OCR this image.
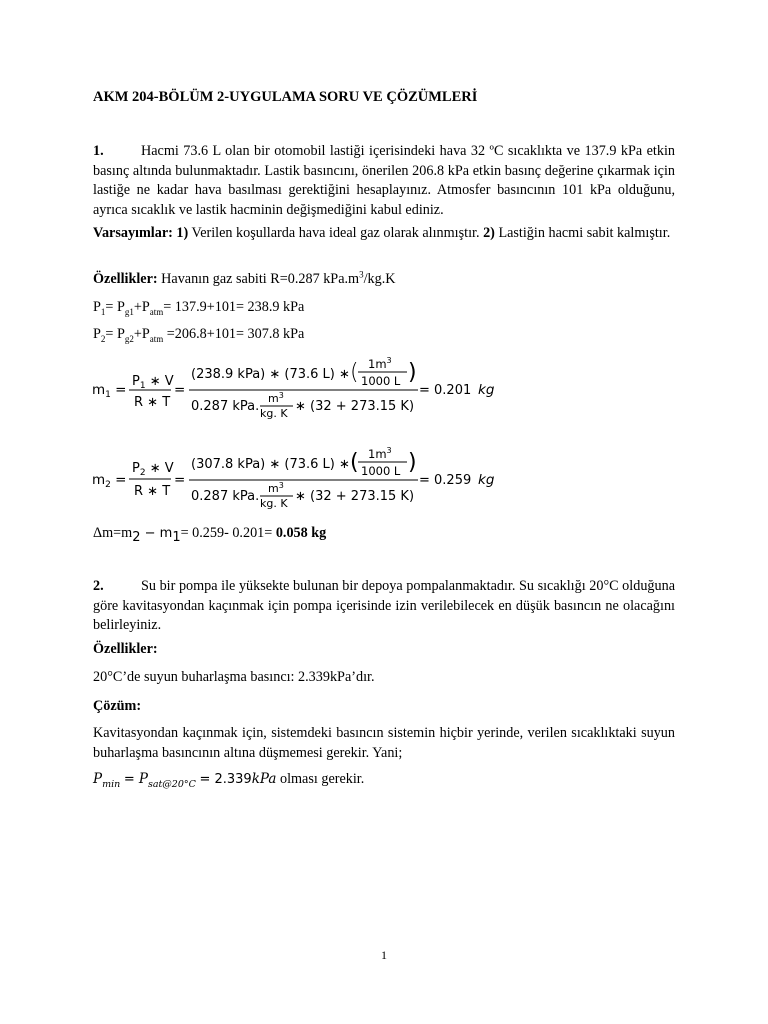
AKM 204-BÖLÜM 2-UYGULAMA SORU VE ÇÖZÜMLERİ
1.	Hacmi 73.6 L olan bir otomobil lastiği içerisindeki hava 32 ºC sıcaklıkta ve 137.9 kPa etkin basınç altında bulunmaktadır. Lastik basıncını, önerilen 206.8 kPa etkin basınç değerine çıkarmak için lastiğe ne kadar hava basılması gerektiğini hesaplayınız. Atmosfer basıncının 101 kPa olduğunu, ayrıca sıcaklık ve lastik hacminin değişmediğini kabul ediniz.
Varsayımlar: 1) Verilen koşullarda hava ideal gaz olarak alınmıştır. 2) Lastiğin hacmi sabit kalmıştır.
Özellikler: Havanın gaz sabiti R=0.287 $kPa.m^3/kg.K$
$P_1= P_{g1}+P_{atm}= 137.9+101= 238.9$ kPa
$P_2= P_{g2}+P_{atm} =206.8+101= 307.8$ kPa
$m_1$ =
$P_1$ ∗ V
R ∗ T
=
(238.9 kPa) ∗ (73.6 L) ∗ ( $1m^3$
1000 L )
0.287 kPa.
$m^3$
kg. K ∗ (32 + 273.15 K)
= 0.201 kg
$m_2$ =
$P_2$ ∗ V
R ∗ T
=
(307.8 kPa) ∗ (73.6 L) ∗ ( $1m^3$
1000 L )
0.287 kPa.
$m^3$
kg. K ∗ (32 + 273.15 K)
= 0.259 kg
$\Delta m=m_2 - m_1= 0.259-$ 0.201= 0.058 kg
2.	Su bir pompa ile yüksekte bulunan bir depoya pompalanmaktadır. Su sıcaklığı 20°C olduğuna göre kavitasyondan kaçınmak için pompa içerisinde izin verilebilecek en düşük basıncın ne olacağını belirleyiniz.
Özellikler:
20°C’de suyun buharlaşma basıncı: 2.339kPa’dır.
Çözüm:
Kavitasyondan kaçınmak için, sistemdeki basıncın sistemin hiçbir yerinde, verilen sıcaklıktaki suyun buharlaşma basıncının altına düşmemesi gerekir. Yani;
$P_{min} = P_{sat@20^\circ C} = 2.339kPa$ olması gerekir.
1
